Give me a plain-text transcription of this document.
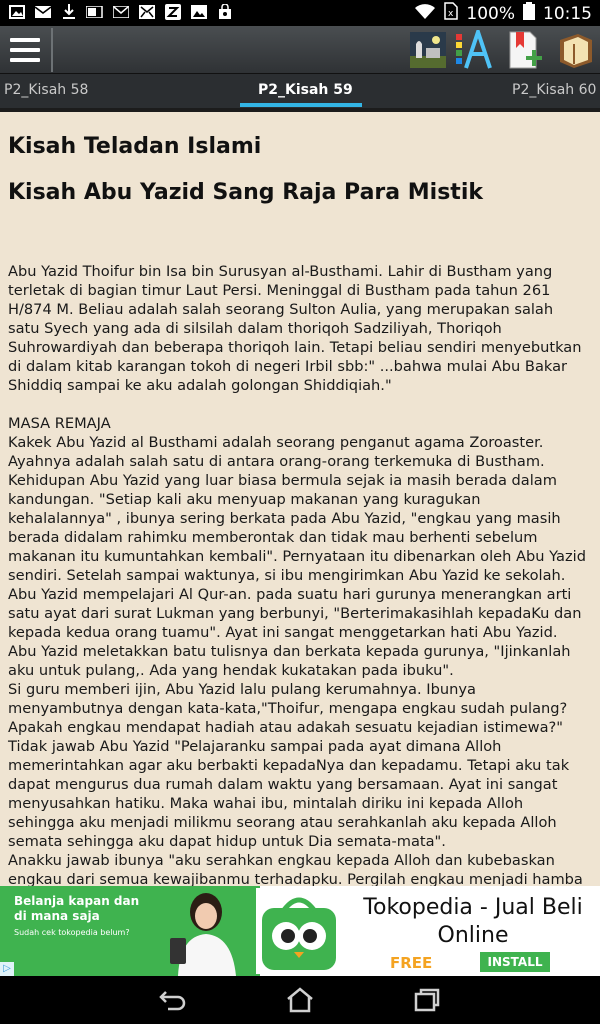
x 100% 10:15
P2_Kisah 58	P2_Kisah 59	P2_Kisah 60
Kisah Teladan Islami
Kisah Abu Yazid Sang Raja Para Mistik

Abu Yazid Thoifur bin Isa bin Surusyan al-Busthami. Lahir di Bustham yang terletak di bagian timur Laut Persi. Meninggal di Bustham pada tahun 261 H/874 M. Beliau adalah salah seorang Sulton Aulia, yang merupakan salah satu Syech yang ada di silsilah dalam thoriqoh Sadziliyah, Thoriqoh Suhrowardiyah dan beberapa thoriqoh lain. Tetapi beliau sendiri menyebutkan di dalam kitab karangan tokoh di negeri Irbil sbb:" ...bahwa mulai Abu Bakar Shiddiq sampai ke aku adalah golongan Shiddiqiah."

MASA REMAJA

Kakek Abu Yazid al Busthami adalah seorang penganut agama Zoroaster. Ayahnya adalah salah satu di antara orang-orang terkemuka di Bustham. Kehidupan Abu Yazid yang luar biasa bermula sejak ia masih berada dalam kandungan. "Setiap kali aku menyuap makanan yang kuragukan kehalalannya" , ibunya sering berkata pada Abu Yazid, "engkau yang masih berada didalam rahimku memberontak dan tidak mau berhenti sebelum makanan itu kumuntahkan kembali". Pernyataan itu dibenarkan oleh Abu Yazid sendiri. Setelah sampai waktunya, si ibu mengirimkan Abu Yazid ke sekolah. Abu Yazid mempelajari Al Qur-an. pada suatu hari gurunya menerangkan arti satu ayat dari surat Lukman yang berbunyi, "Berterimakasihlah kepadaKu dan kepada kedua orang tuamu". Ayat ini sangat menggetarkan hati Abu Yazid. Abu Yazid meletakkan batu tulisnya dan berkata kepada gurunya, "Ijinkanlah aku untuk pulang,. Ada yang hendak kukatakan pada ibuku".

Si guru memberi ijin, Abu Yazid lalu pulang kerumahnya. Ibunya menyambutnya dengan kata-kata,"Thoifur, mengapa engkau sudah pulang? Apakah engkau mendapat hadiah atau adakah sesuatu kejadian istimewa?"

Tidak jawab Abu Yazid "Pelajaranku sampai pada ayat dimana Alloh memerintahkan agar aku berbakti kepadaNya dan kepadamu. Tetapi aku tak dapat mengurus dua rumah dalam waktu yang bersamaan. Ayat ini sangat menyusahkan hatiku. Maka wahai ibu, mintalah diriku ini kepada Alloh sehingga aku menjadi milikmu seorang atau serahkanlah aku kepada Alloh semata sehingga aku dapat hidup untuk Dia semata-mata".

Anakku jawab ibunya "aku serahkan engkau kepada Alloh dan kubebaskan engkau dari semua kewajibanmu terhadapku. Pergilah engkau menjadi hamba

Belanja kapan dan di mana saja
Sudah cek tokopedia belum?
Tokopedia - Jual Beli Online
FREE	INSTALL
▷
